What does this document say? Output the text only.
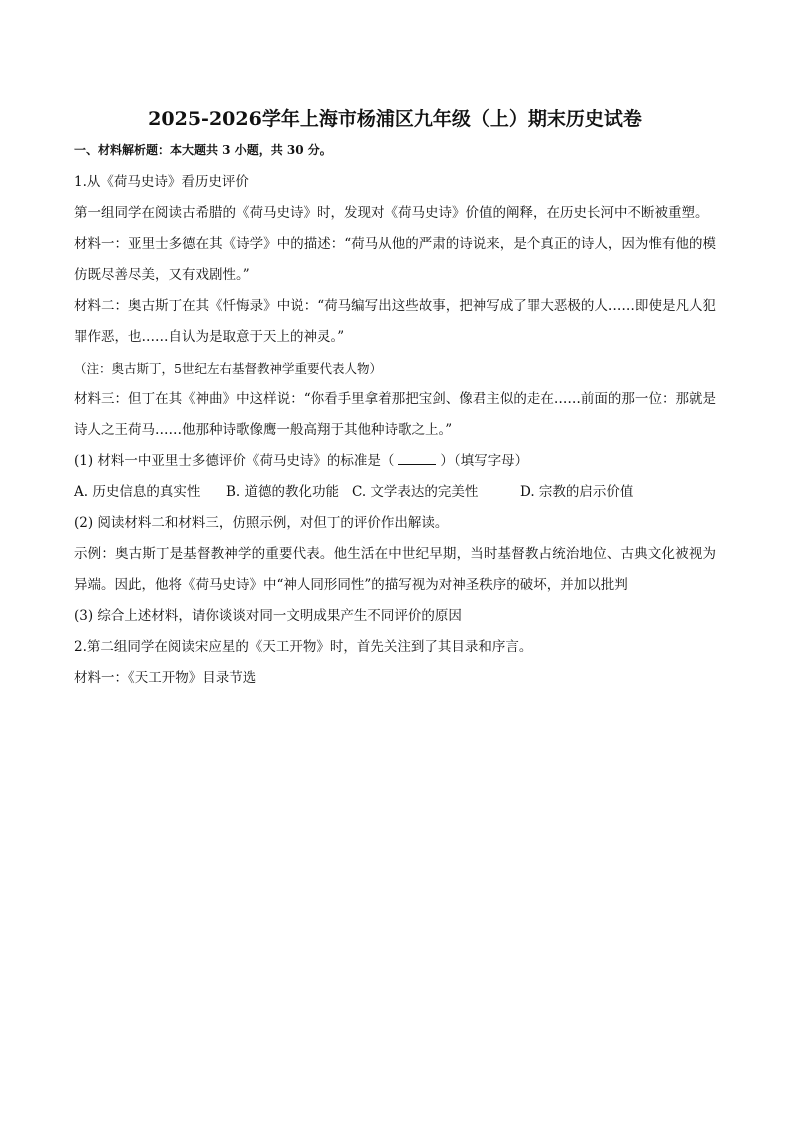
2025-2026学年上海市杨浦区九年级（上）期末历史试卷
一、材料解析题：本大题共 3 小题，共 30 分。
1.从《荷马史诗》看历史评价
第一组同学在阅读古希腊的《荷马史诗》时，发现对《荷马史诗》价值的阐释，在历史长河中不断被重塑。
材料一：亚里士多德在其《诗学》中的描述：“荷马从他的严肃的诗说来，是个真正的诗人，因为惟有他的模仿既尽善尽美，又有戏剧性。”
材料二：奥古斯丁在其《忏悔录》中说：“荷马编写出这些故事，把神写成了罪大恶极的人……即使是凡人犯罪作恶，也……自认为是取意于天上的神灵。”
（注：奥古斯丁，5世纪左右基督教神学重要代表人物）
材料三：但丁在其《神曲》中这样说：“你看手里拿着那把宝剑、像君主似的走在……前面的那一位：那就是诗人之王荷马……他那种诗歌像鹰一般高翔于其他种诗歌之上。”
(1) 材料一中亚里士多德评价《荷马史诗》的标准是（	）（填写字母）
A. 历史信息的真实性	B. 道德的教化功能 C. 文学表达的完美性	D. 宗教的启示价值
(2) 阅读材料二和材料三，仿照示例，对但丁的评价作出解读。
示例：奥古斯丁是基督教神学的重要代表。他生活在中世纪早期，当时基督教占统治地位、古典文化被视为异端。因此，他将《荷马史诗》中“神人同形同性”的描写视为对神圣秩序的破坏，并加以批判
(3) 综合上述材料，请你谈谈对同一文明成果产生不同评价的原因
2.第二组同学在阅读宋应星的《天工开物》时，首先关注到了其目录和序言。
材料一：《天工开物》目录节选
